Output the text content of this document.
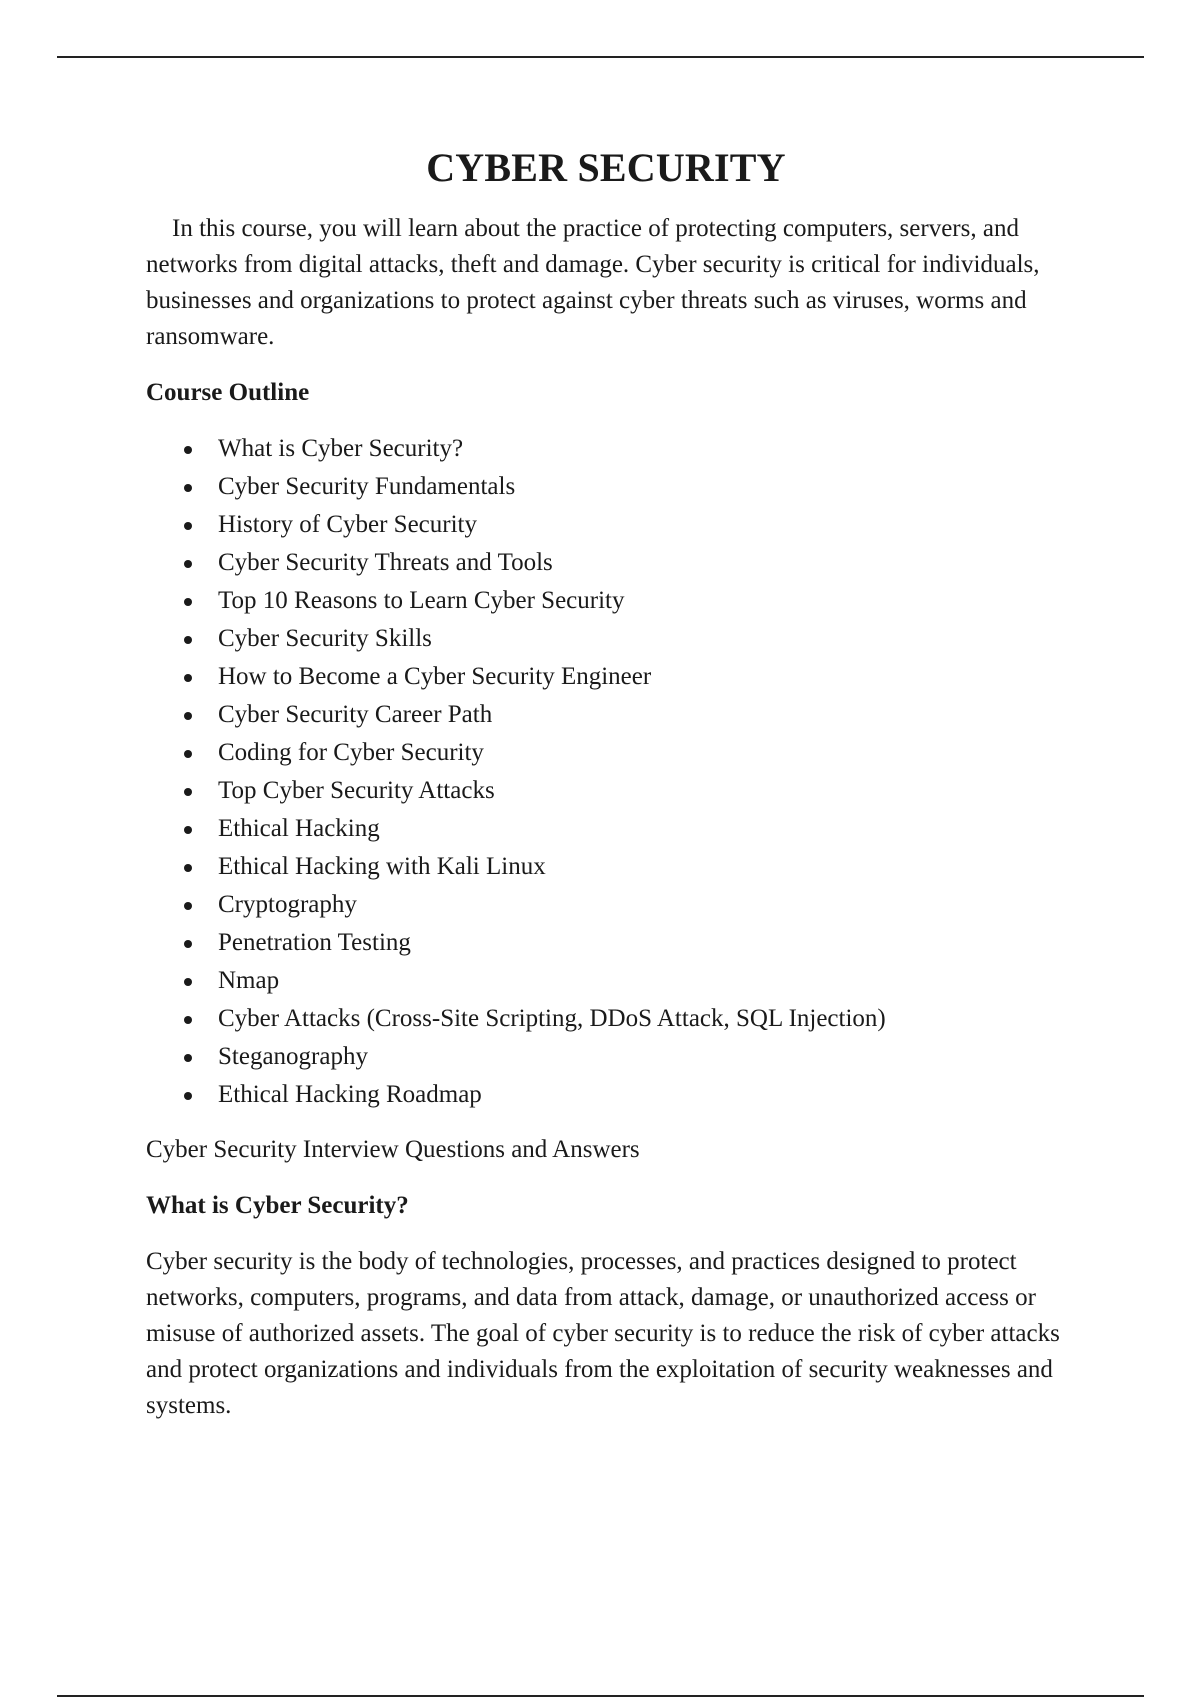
CYBER SECURITY

In this course, you will learn about the practice of protecting computers, servers, and networks from digital attacks, theft and damage. Cyber security is critical for individuals, businesses and organizations to protect against cyber threats such as viruses, worms and ransomware.

Course Outline
What is Cyber Security?
Cyber Security Fundamentals
History of Cyber Security
Cyber Security Threats and Tools
Top 10 Reasons to Learn Cyber Security
Cyber Security Skills
How to Become a Cyber Security Engineer
Cyber Security Career Path
Coding for Cyber Security
Top Cyber Security Attacks
Ethical Hacking
Ethical Hacking with Kali Linux
Cryptography
Penetration Testing
Nmap
Cyber Attacks (Cross-Site Scripting, DDoS Attack, SQL Injection)
Steganography
Ethical Hacking Roadmap

Cyber Security Interview Questions and Answers

What is Cyber Security?

Cyber security is the body of technologies, processes, and practices designed to protect networks, computers, programs, and data from attack, damage, or unauthorized access or misuse of authorized assets. The goal of cyber security is to reduce the risk of cyber attacks and protect organizations and individuals from the exploitation of security weaknesses and systems.
